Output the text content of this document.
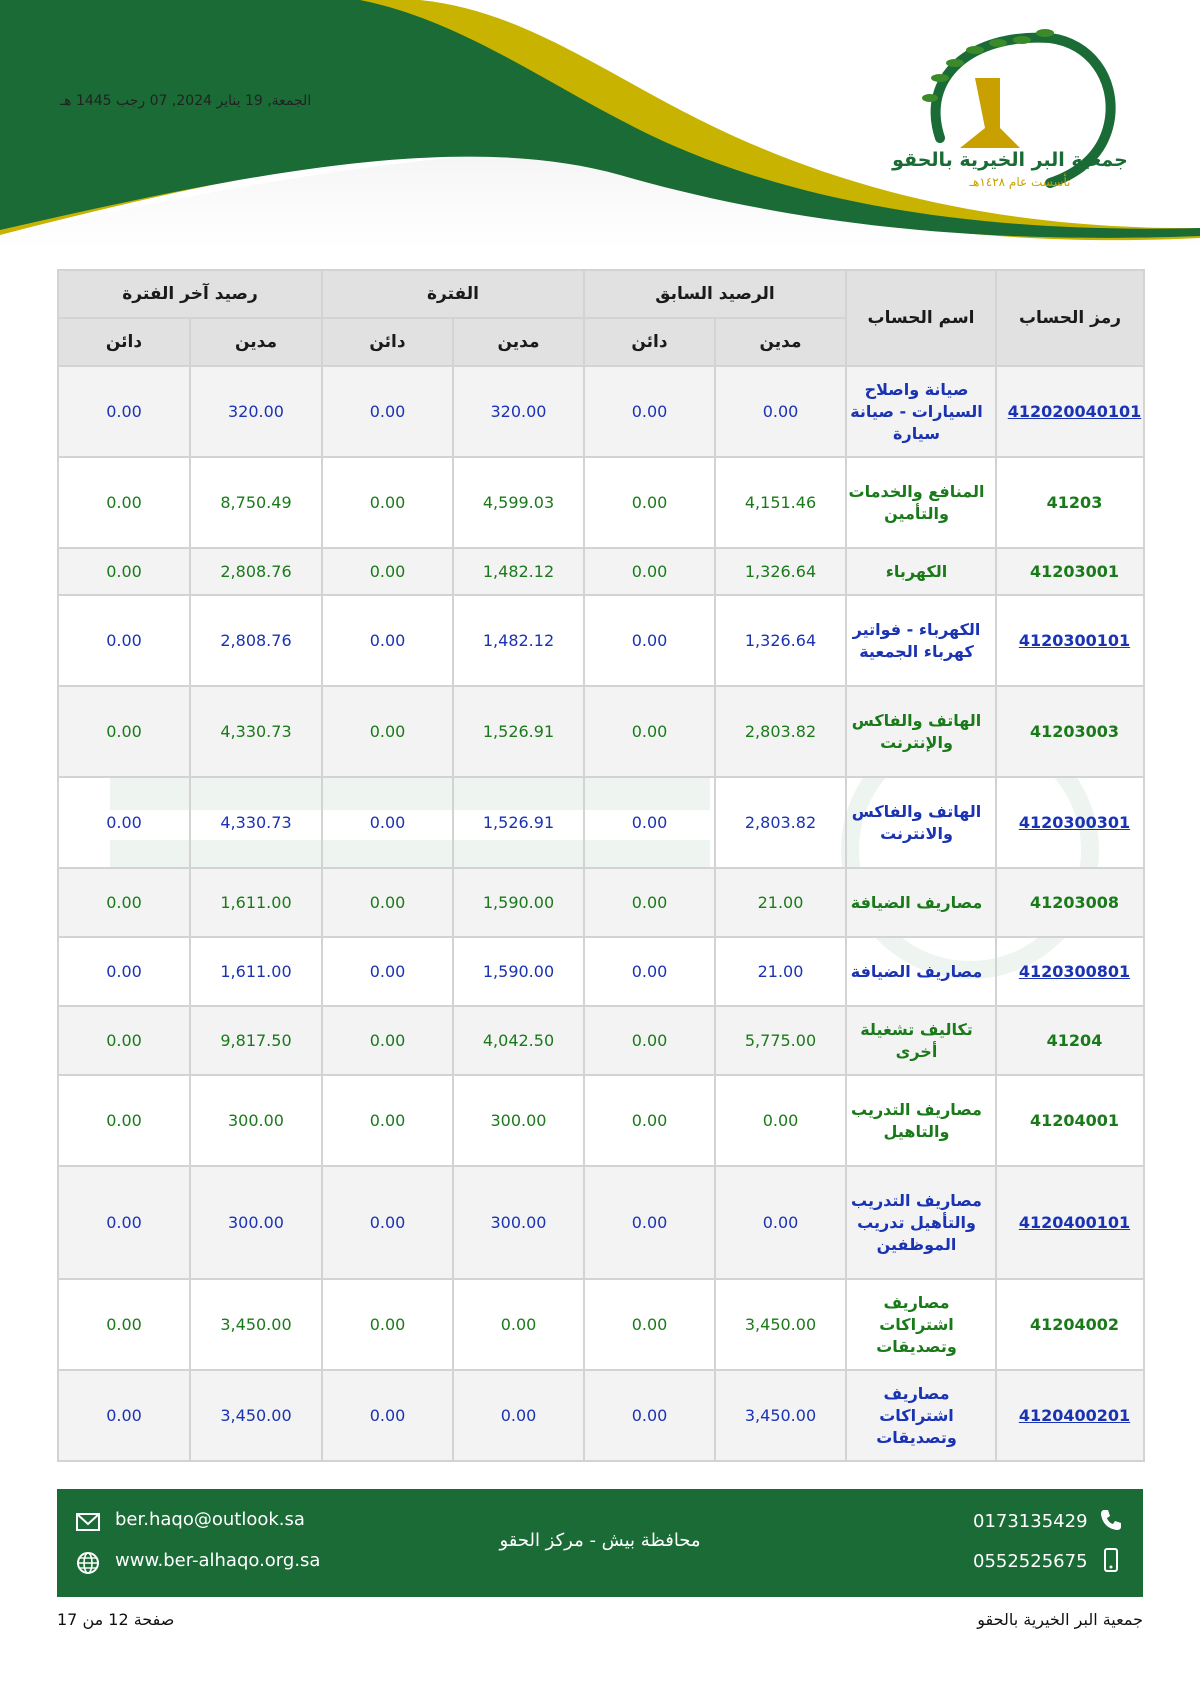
جمعية البر الخيرية بالحقو
تأسست عام ١٤٢٨هـ
الجمعة, 19 يناير 2024, 07 رجب 1445 هـ
رمز الحساب	اسم الحساب	الرصيد السابق		الفترة		رصيد آخر الفترة	
		مدين	دائن	مدين	دائن	مدين	دائن
412020040101	صيانة واصلاح السيارات - صيانة سيارة	0.00	0.00	320.00	0.00	320.00	0.00
41203	المنافع والخدمات والتأمين	4,151.46	0.00	4,599.03	0.00	8,750.49	0.00
41203001	الكهرباء	1,326.64	0.00	1,482.12	0.00	2,808.76	0.00
4120300101	الكهرباء - فواتير كهرباء الجمعية	1,326.64	0.00	1,482.12	0.00	2,808.76	0.00
41203003	الهاتف والفاكس والإنترنت	2,803.82	0.00	1,526.91	0.00	4,330.73	0.00
4120300301	الهاتف والفاكس والانترنت	2,803.82	0.00	1,526.91	0.00	4,330.73	0.00
41203008	مصاريف الضيافة	21.00	0.00	1,590.00	0.00	1,611.00	0.00
4120300801	مصاريف الضيافة	21.00	0.00	1,590.00	0.00	1,611.00	0.00
41204	تكاليف تشغيلة أخرى	5,775.00	0.00	4,042.50	0.00	9,817.50	0.00
41204001	مصاريف التدريب والتاهيل	0.00	0.00	300.00	0.00	300.00	0.00
4120400101	مصاريف التدريب والتأهيل تدريب الموظفين	0.00	0.00	300.00	0.00	300.00	0.00
41204002	مصاريف اشتراكات وتصديقات	3,450.00	0.00	0.00	0.00	3,450.00	0.00
4120400201	مصاريف اشتراكات وتصديقات	3,450.00	0.00	0.00	0.00	3,450.00	0.00
ber.haqo@outlook.sa
www.ber-alhaqo.org.sa
محافظة بيش - مركز الحقو
0173135429
0552525675
جمعية البر الخيرية بالحقو
صفحة 12 من 17
